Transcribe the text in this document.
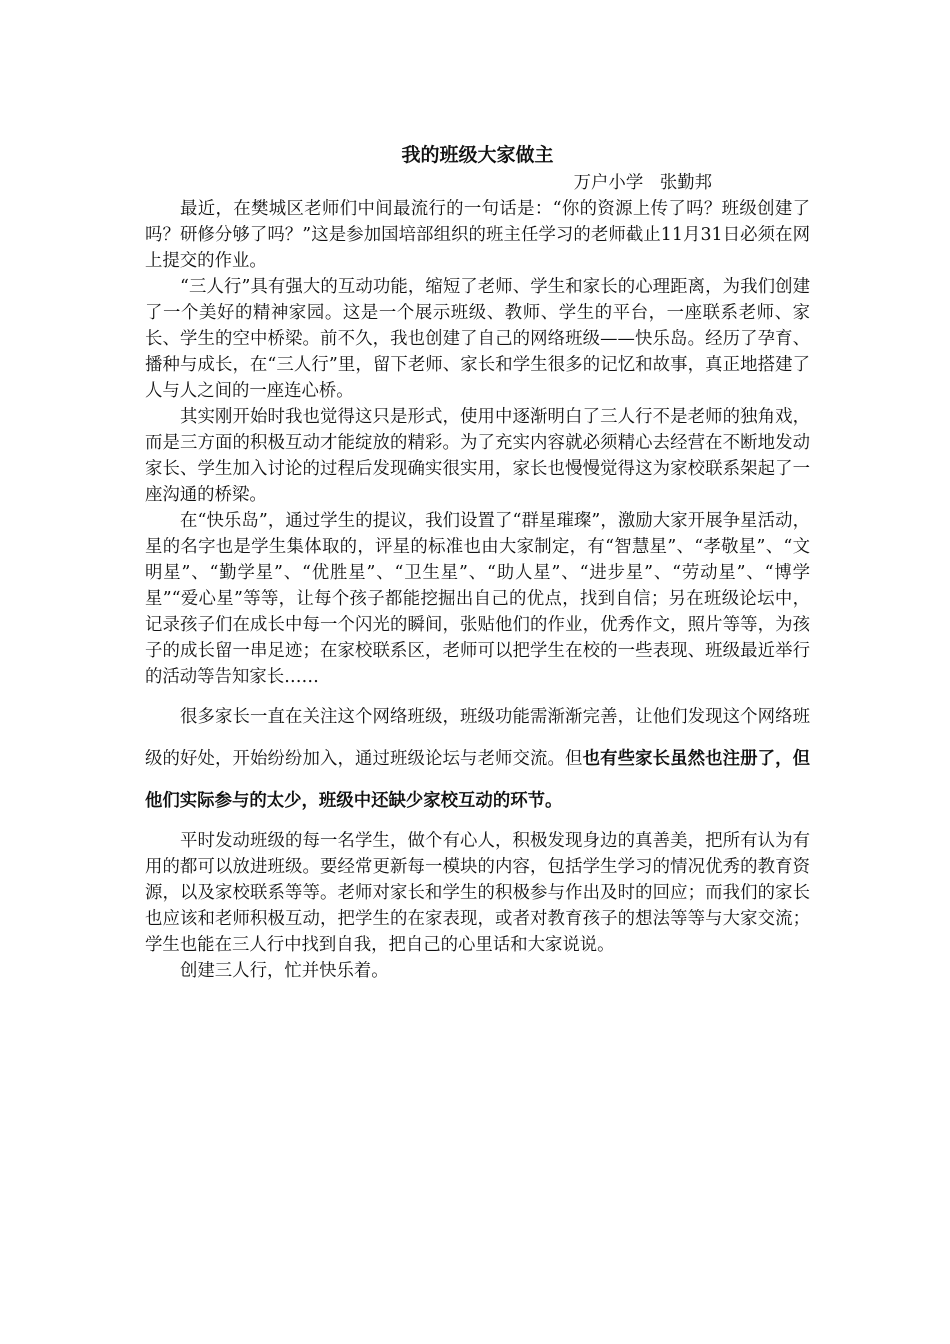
我的班级大家做主
万户小学 张勤邦

最近，在樊城区老师们中间最流行的一句话是：“你的资源上传了吗？班级创建了吗？研修分够了吗？”这是参加国培部组织的班主任学习的老师截止11月31日必须在网上提交的作业。

“三人行”具有强大的互动功能，缩短了老师、学生和家长的心理距离，为我们创建了一个美好的精神家园。这是一个展示班级、教师、学生的平台，一座联系老师、家长、学生的空中桥梁。前不久，我也创建了自己的网络班级——快乐岛。经历了孕育、播种与成长，在“三人行”里，留下老师、家长和学生很多的记忆和故事，真正地搭建了人与人之间的一座连心桥。

其实刚开始时我也觉得这只是形式，使用中逐渐明白了三人行不是老师的独角戏，而是三方面的积极互动才能绽放的精彩。为了充实内容就必须精心去经营在不断地发动家长、学生加入讨论的过程后发现确实很实用，家长也慢慢觉得这为家校联系架起了一座沟通的桥梁。

在“快乐岛”，通过学生的提议，我们设置了“群星璀璨”，激励大家开展争星活动，星的名字也是学生集体取的，评星的标准也由大家制定，有“智慧星”、“孝敬星”、“文明星”、“勤学星”、“优胜星”、“卫生星”、“助人星”、“进步星”、“劳动星”、“博学星”“爱心星”等等，让每个孩子都能挖掘出自己的优点，找到自信；另在班级论坛中，记录孩子们在成长中每一个闪光的瞬间，张贴他们的作业，优秀作文，照片等等，为孩子的成长留一串足迹；在家校联系区，老师可以把学生在校的一些表现、班级最近举行的活动等告知家长……

很多家长一直在关注这个网络班级，班级功能需渐渐完善，让他们发现这个网络班级的好处，开始纷纷加入，通过班级论坛与老师交流。但也有些家长虽然也注册了，但他们实际参与的太少，班级中还缺少家校互动的环节。

平时发动班级的每一名学生，做个有心人，积极发现身边的真善美，把所有认为有用的都可以放进班级。要经常更新每一模块的内容，包括学生学习的情况优秀的教育资源，以及家校联系等等。老师对家长和学生的积极参与作出及时的回应；而我们的家长也应该和老师积极互动，把学生的在家表现，或者对教育孩子的想法等等与大家交流；学生也能在三人行中找到自我，把自己的心里话和大家说说。

创建三人行，忙并快乐着。
